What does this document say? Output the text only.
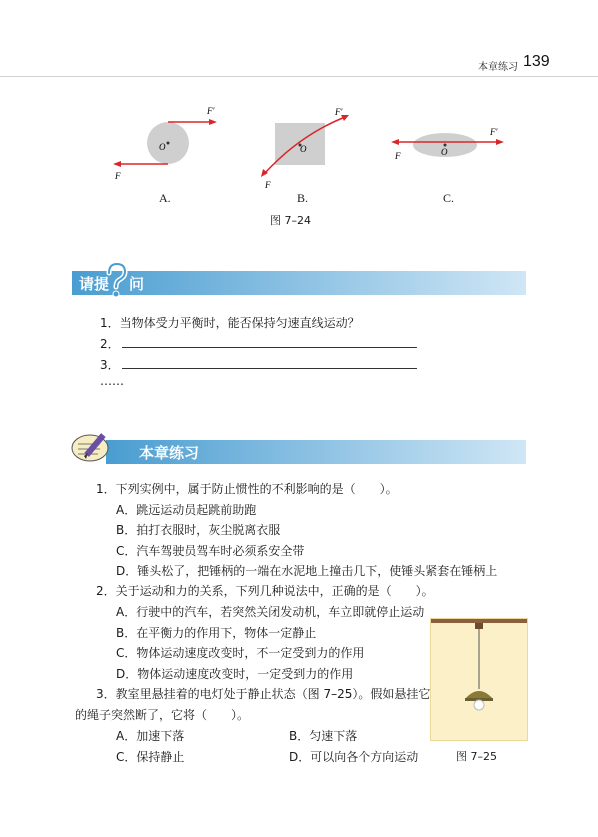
本章练习 139
O
F′
F
O
F′
F
O
F′
F
A.	B.	C.
图 7–24
请提 问
1．当物体受力平衡时，能否保持匀速直线运动？
2．
3．
……
本章练习
1．下列实例中，属于防止惯性的不利影响的是（　　）。
A．跳远运动员起跳前助跑
B．拍打衣服时，灰尘脱离衣服
C．汽车驾驶员驾车时必须系安全带
D．锤头松了，把锤柄的一端在水泥地上撞击几下，使锤头紧套在锤柄上
2．关于运动和力的关系，下列几种说法中，正确的是（　　）。
A．行驶中的汽车，若突然关闭发动机，车立即就停止运动
B．在平衡力的作用下，物体一定静止
C．物体运动速度改变时，不一定受到力的作用
D．物体运动速度改变时，一定受到力的作用
3．教室里悬挂着的电灯处于静止状态（图 7–25）。假如悬挂它
的绳子突然断了，它将（　　）。
A．加速下落	B．匀速下落
C．保持静止	D．可以向各个方向运动	图 7–25
